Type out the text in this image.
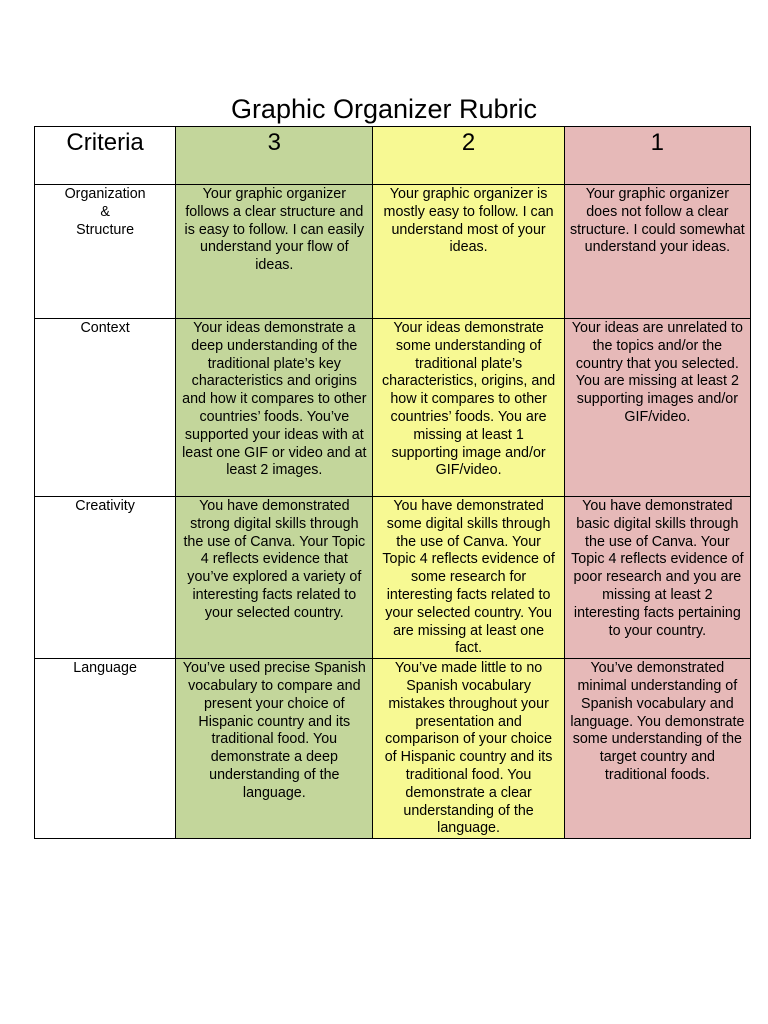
Graphic Organizer Rubric
Criteria	3	2	1
Organization
&
Structure	Your graphic organizer follows a clear structure and is easy to follow. I can easily understand your flow of ideas.	Your graphic organizer is mostly easy to follow. I can understand most of your ideas.	Your graphic organizer does not follow a clear structure. I could somewhat understand your ideas.
Context	Your ideas demonstrate a deep understanding of the traditional plate’s key characteristics and origins and how it compares to other countries’ foods. You’ve supported your ideas with at least one GIF or video and at least 2 images.	Your ideas demonstrate some understanding of traditional plate’s characteristics, origins, and how it compares to other countries’ foods. You are missing at least 1 supporting image and/or GIF/video.	Your ideas are unrelated to the topics and/or the country that you selected. You are missing at least 2 supporting images and/or GIF/video.
Creativity	You have demonstrated strong digital skills through the use of Canva. Your Topic 4 reflects evidence that you’ve explored a variety of interesting facts related to your selected country.	You have demonstrated some digital skills through the use of Canva. Your Topic 4 reflects evidence of some research for interesting facts related to your selected country. You are missing at least one fact.	You have demonstrated basic digital skills through the use of Canva. Your Topic 4 reflects evidence of poor research and you are missing at least 2 interesting facts pertaining to your country.
Language	You’ve used precise Spanish vocabulary to compare and present your choice of Hispanic country and its traditional food. You demonstrate a deep understanding of the language.	You’ve made little to no Spanish vocabulary mistakes throughout your presentation and comparison of your choice of Hispanic country and its traditional food. You demonstrate a clear understanding of the language.	You’ve demonstrated minimal understanding of Spanish vocabulary and language. You demonstrate some understanding of the target country and traditional foods.
